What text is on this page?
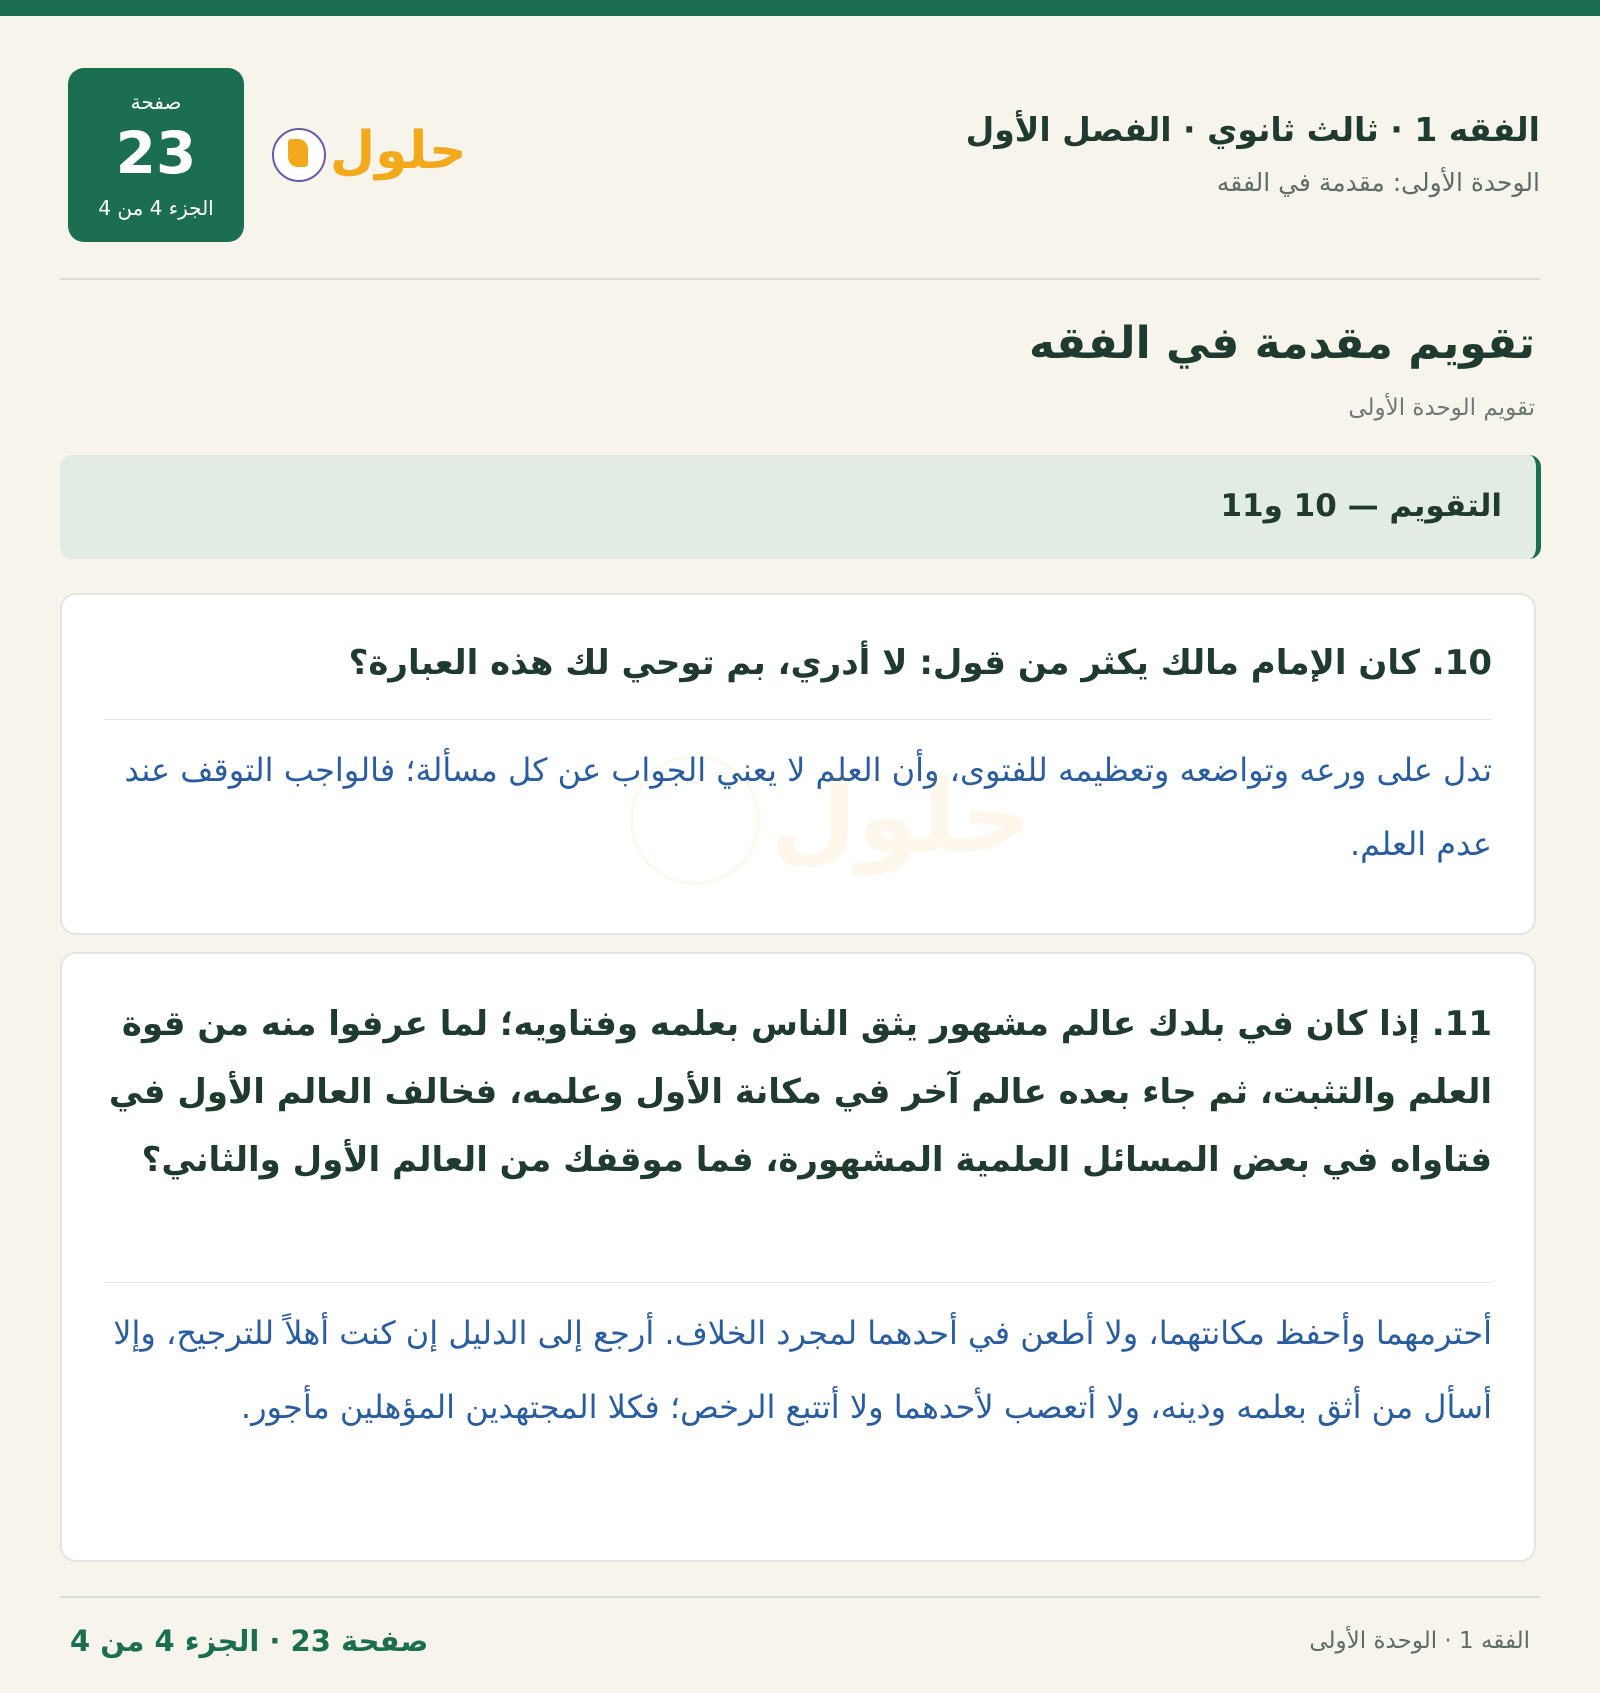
الفقه 1 · ثالث ثانوي · الفصل الأول
الوحدة الأولى: مقدمة في الفقه
صفحة
23
الجزء 4 من 4
حلول
تقويم مقدمة في الفقه
تقويم الوحدة الأولى
التقويم — 10 و11

10. كان الإمام مالك يكثر من قول: لا أدري، بم توحي لك هذه العبارة؟

تدل على ورعه وتواضعه وتعظيمه للفتوى، وأن العلم لا يعني الجواب عن كل مسألة؛ فالواجب التوقف عند عدم العلم.

حلول

11. إذا كان في بلدك عالم مشهور يثق الناس بعلمه وفتاويه؛ لما عرفوا منه من قوة العلم والتثبت، ثم جاء بعده عالم آخر في مكانة الأول وعلمه، فخالف العالم الأول في فتاواه في بعض المسائل العلمية المشهورة، فما موقفك من العالم الأول والثاني؟

أحترمهما وأحفظ مكانتهما، ولا أطعن في أحدهما لمجرد الخلاف. أرجع إلى الدليل إن كنت أهلاً للترجيح، وإلا أسأل من أثق بعلمه ودينه، ولا أتعصب لأحدهما ولا أتتبع الرخص؛ فكلا المجتهدين المؤهلين مأجور.

الفقه 1 · الوحدة الأولى
صفحة 23 · الجزء 4 من 4
